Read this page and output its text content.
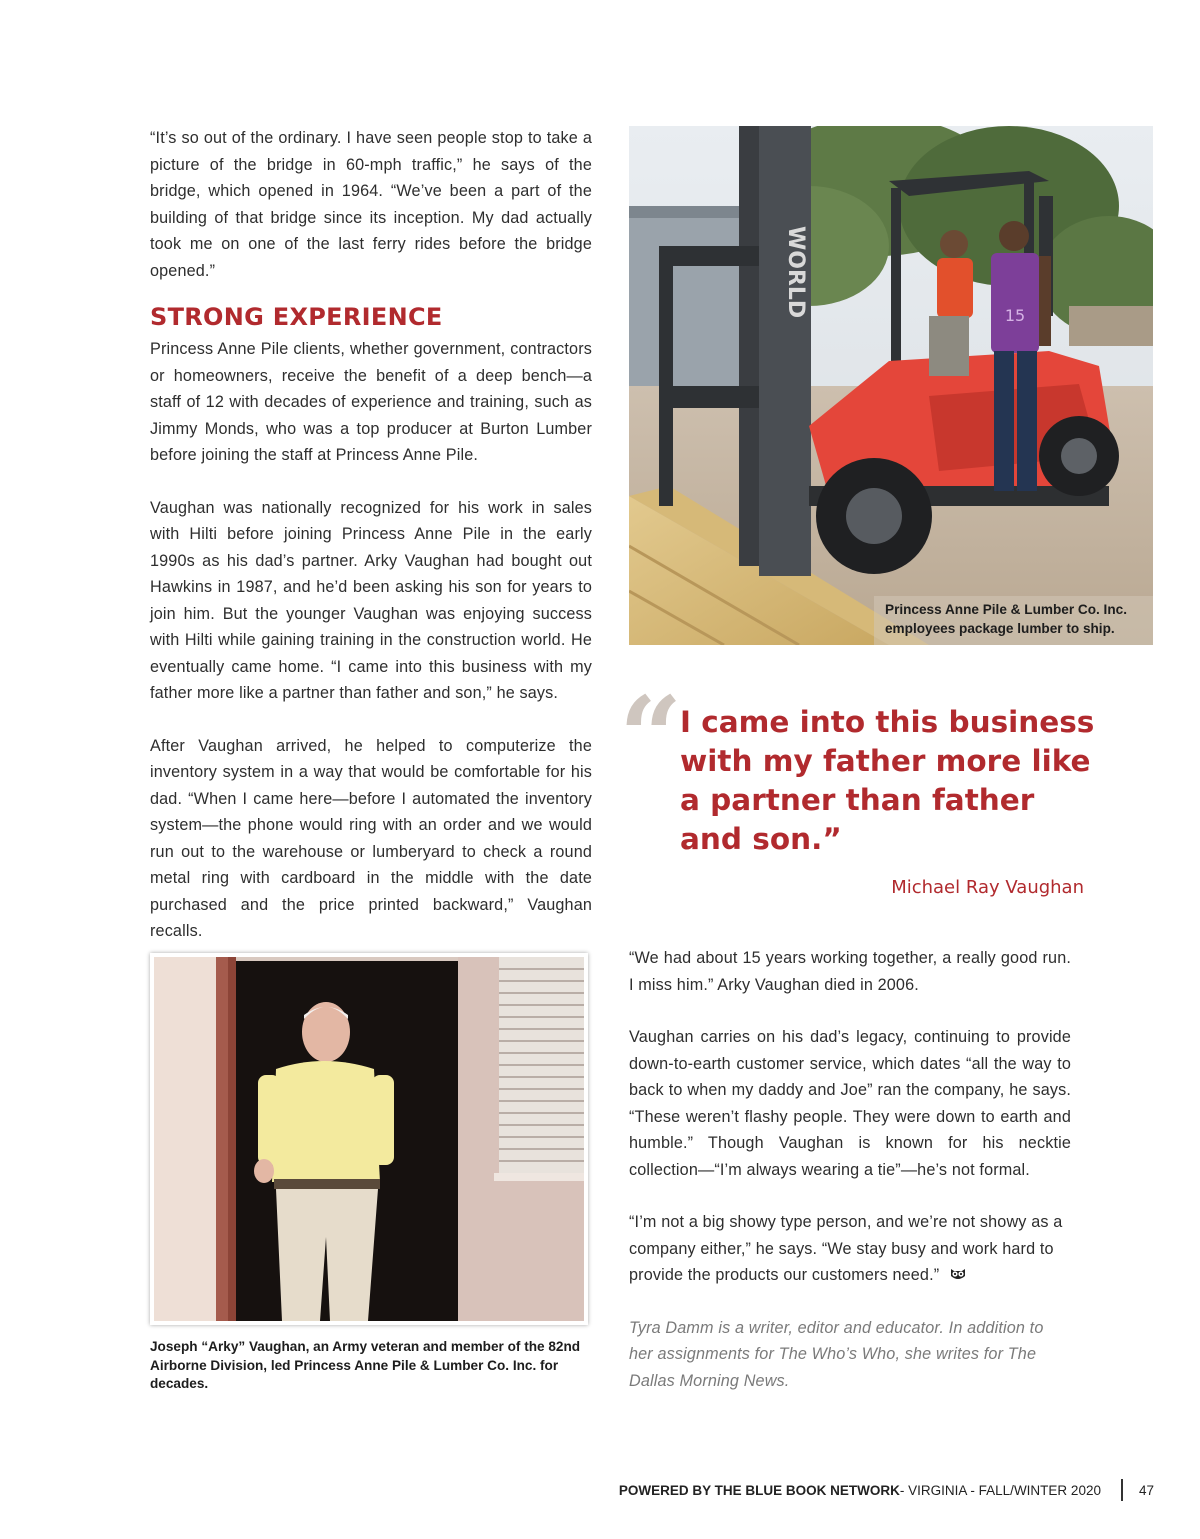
“It’s so out of the ordinary. I have seen people stop to take a picture of the bridge in 60-mph traffic,” he says of the bridge, which opened in 1964. “We’ve been a part of the building of that bridge since its inception. My dad actually took me on one of the last ferry rides before the bridge opened.”

STRONG EXPERIENCE

Princess Anne Pile clients, whether government, contractors or homeowners, receive the benefit of a deep bench—a staff of 12 with decades of experience and training, such as Jimmy Monds, who was a top producer at Burton Lumber before joining the staff at Princess Anne Pile.

Vaughan was nationally recognized for his work in sales with Hilti before joining Princess Anne Pile in the early 1990s as his dad’s partner. Arky Vaughan had bought out Hawkins in 1987, and he’d been asking his son for years to join him. But the younger Vaughan was enjoying success with Hilti while gaining training in the construction world. He eventually came home. “I came into this business with my father more like a partner than father and son,” he says.

After Vaughan arrived, he helped to computerize the inventory system in a way that would be comfortable for his dad. “When I came here—before I automated the inventory system—the phone would ring with an order and we would run out to the warehouse or lumberyard to check a round metal ring with cardboard in the middle with the date purchased and the price printed backward,” Vaughan recalls.

WORLD	15
Princess Anne Pile & Lumber Co. Inc.
employees package lumber to ship.
“

I came into this business with my father more like a partner than father and son.”

Michael Ray Vaughan
Joseph “Arky” Vaughan, an Army veteran and member of the 82nd Airborne Division, led Princess Anne Pile & Lumber Co. Inc. for decades.

“We had about 15 years working together, a really good run. I miss him.” Arky Vaughan died in 2006.

Vaughan carries on his dad’s legacy, continuing to provide down-to-earth customer service, which dates “all the way to back to when my daddy and Joe” ran the company, he says. “These weren’t flashy people. They were down to earth and humble.” Though Vaughan is known for his necktie collection—“I’m always wearing a tie”—he’s not formal.

“I’m not a big showy type person, and we’re not showy as a company either,” he says. “We stay busy and work hard to provide the products our customers need.”

Tyra Damm is a writer, editor and educator. In addition to her assignments for The Who’s Who, she writes for The Dallas Morning News.

POWERED BY THE BLUE BOOK NETWORK - VIRGINIA - FALL/WINTER 2020	47
